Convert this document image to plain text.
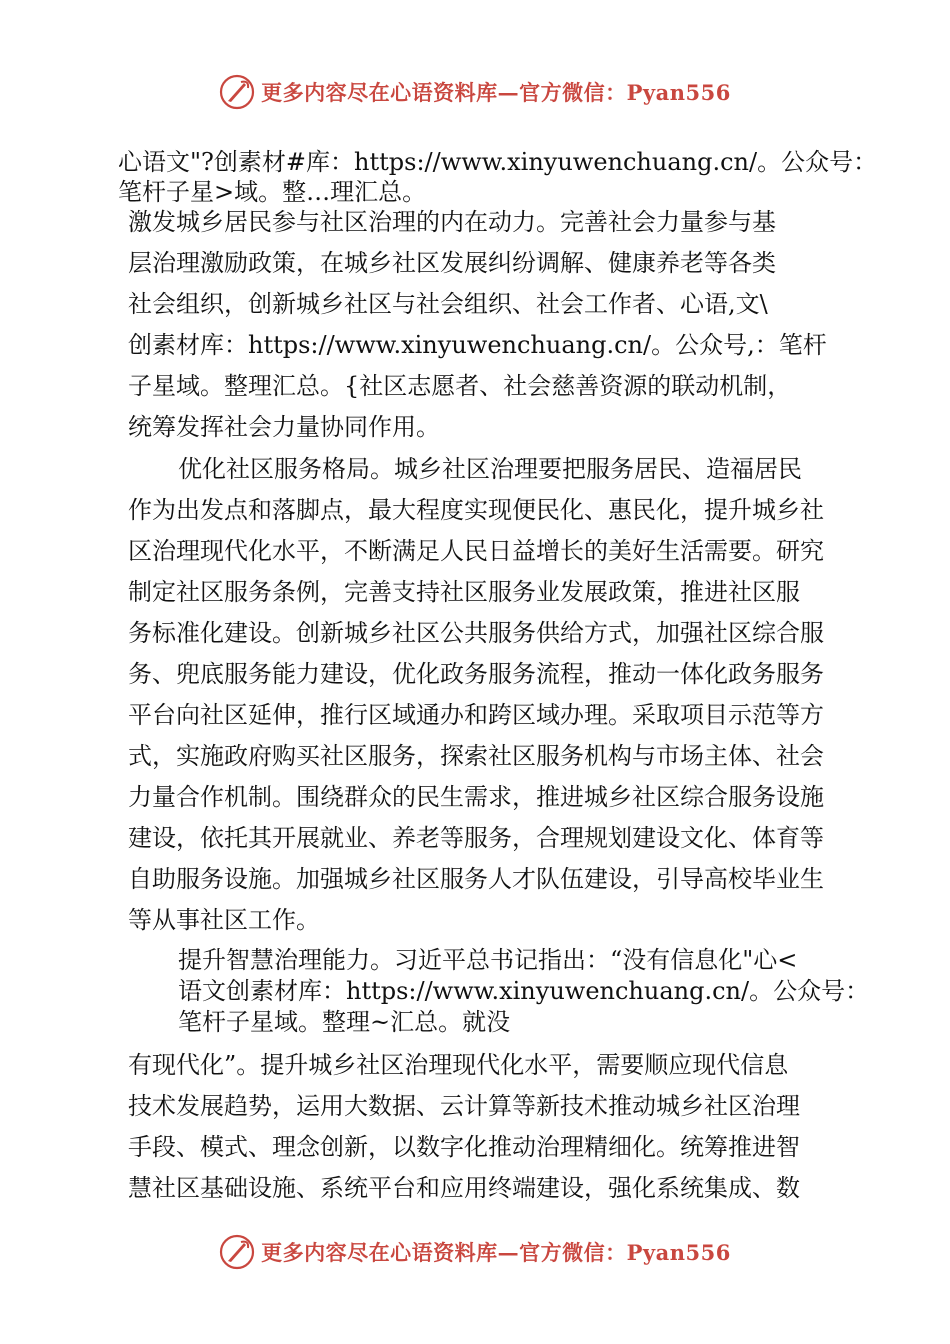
更多内容尽在心语资料库—官方微信：Pyan556
心语文"?创素材#库：https://www.xinyuwenchuang.cn/。公众号：
笔杆子星>域。整…理汇总。
激发城乡居民参与社区治理的内在动力。完善社会力量参与基
层治理激励政策，在城乡社区发展纠纷调解、健康养老等各类
社会组织，创新城乡社区与社会组织、社会工作者、心语,文\
创素材库：https://www.xinyuwenchuang.cn/。公众号,：笔杆
子星域。整理汇总。{社区志愿者、社会慈善资源的联动机制，
统筹发挥社会力量协同作用。
优化社区服务格局。城乡社区治理要把服务居民、造福居民
作为出发点和落脚点，最大程度实现便民化、惠民化，提升城乡社
区治理现代化水平，不断满足人民日益增长的美好生活需要。研究
制定社区服务条例，完善支持社区服务业发展政策，推进社区服
务标准化建设。创新城乡社区公共服务供给方式，加强社区综合服
务、兜底服务能力建设，优化政务服务流程，推动一体化政务服务
平台向社区延伸，推行区域通办和跨区域办理。采取项目示范等方
式，实施政府购买社区服务，探索社区服务机构与市场主体、社会
力量合作机制。围绕群众的民生需求，推进城乡社区综合服务设施
建设，依托其开展就业、养老等服务，合理规划建设文化、体育等
自助服务设施。加强城乡社区服务人才队伍建设，引导高校毕业生
等从事社区工作。
提升智慧治理能力。习近平总书记指出：“没有信息化"心<
语文创素材库：https://www.xinyuwenchuang.cn/。公众号：
笔杆子星域。整理~汇总。就没
有现代化”。提升城乡社区治理现代化水平，需要顺应现代信息
技术发展趋势，运用大数据、云计算等新技术推动城乡社区治理
手段、模式、理念创新，以数字化推动治理精细化。统筹推进智
慧社区基础设施、系统平台和应用终端建设，强化系统集成、数
更多内容尽在心语资料库—官方微信：Pyan556
